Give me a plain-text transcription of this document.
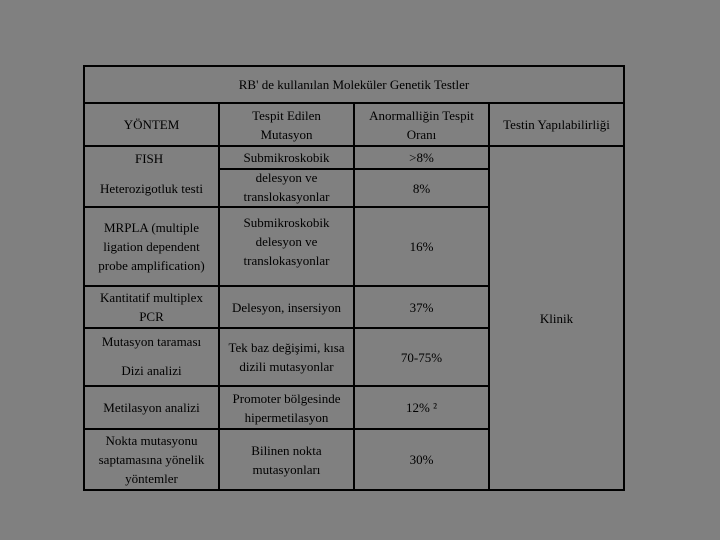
RB' de kullanılan Moleküler Genetik Testler
YÖNTEM
Tespit Edilen
Mutasyon
Anormalliğin Tespit
Oranı
Testin Yapılabilirliği
FISH
Heterozigotluk testi
MRPLA (multiple
ligation dependent
probe amplification)
Kantitatif multiplex
PCR
Mutasyon taraması
Dizi analizi
Metilasyon analizi
Nokta mutasyonu
saptamasına yönelik
yöntemler
Submikroskobik
delesyon ve
translokasyonlar
Submikroskobik
delesyon ve
translokasyonlar
Delesyon, insersiyon
Tek baz değişimi, kısa
dizili mutasyonlar
Promoter bölgesinde
hipermetilasyon
Bilinen nokta
mutasyonları
>8%
8%
16%
37%
70-75%
12% ²
30%
Klinik
